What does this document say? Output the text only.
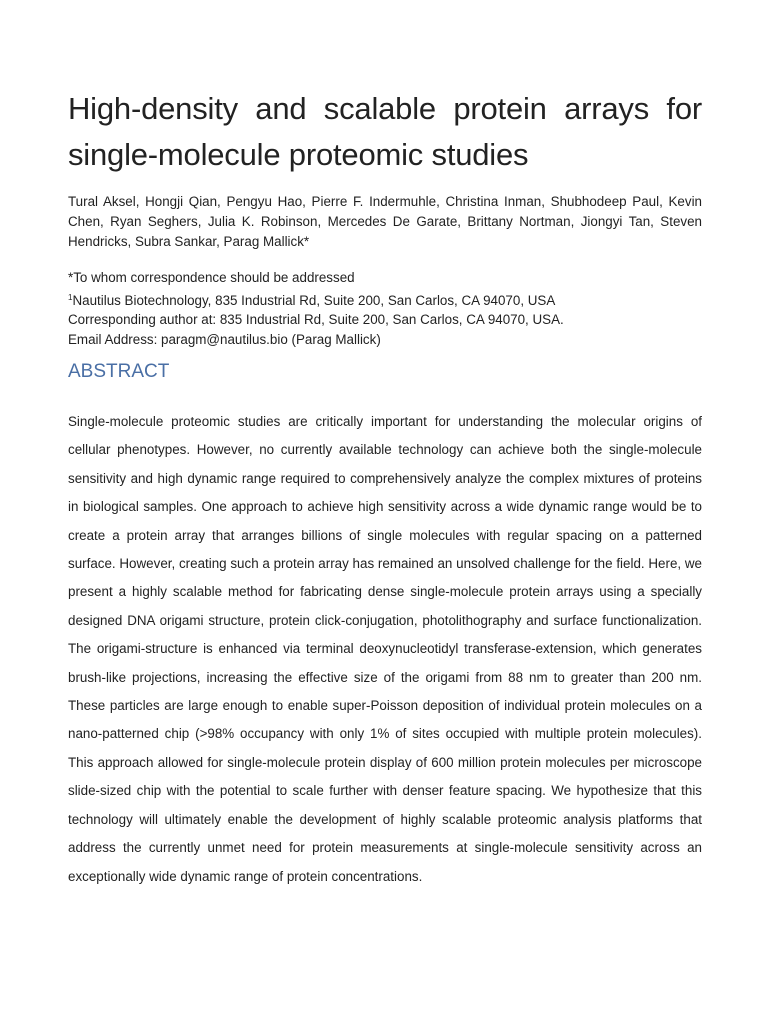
High-density and scalable protein arrays for single-molecule proteomic studies

Tural Aksel, Hongji Qian, Pengyu Hao, Pierre F. Indermuhle, Christina Inman, Shubhodeep Paul, Kevin Chen, Ryan Seghers, Julia K. Robinson, Mercedes De Garate, Brittany Nortman, Jiongyi Tan, Steven Hendricks, Subra Sankar, Parag Mallick*

*To whom correspondence should be addressed
$^1$Nautilus Biotechnology, 835 Industrial Rd, Suite 200, San Carlos, CA 94070, USA
Corresponding author at: 835 Industrial Rd, Suite 200, San Carlos, CA 94070, USA.
Email Address: paragm@nautilus.bio (Parag Mallick)
ABSTRACT

Single-molecule proteomic studies are critically important for understanding the molecular origins of cellular phenotypes. However, no currently available technology can achieve both the single-molecule sensitivity and high dynamic range required to comprehensively analyze the complex mixtures of proteins in biological samples. One approach to achieve high sensitivity across a wide dynamic range would be to create a protein array that arranges billions of single molecules with regular spacing on a patterned surface. However, creating such a protein array has remained an unsolved challenge for the field. Here, we present a highly scalable method for fabricating dense single-molecule protein arrays using a specially designed DNA origami structure, protein click-conjugation, photolithography and surface functionalization. The origami-structure is enhanced via terminal deoxynucleotidyl transferase-extension, which generates brush-like projections, increasing the effective size of the origami from 88 nm to greater than 200 nm. These particles are large enough to enable super-Poisson deposition of individual protein molecules on a nano-patterned chip (>98% occupancy with only 1% of sites occupied with multiple protein molecules). This approach allowed for single-molecule protein display of 600 million protein molecules per microscope slide-sized chip with the potential to scale further with denser feature spacing. We hypothesize that this technology will ultimately enable the development of highly scalable proteomic analysis platforms that address the currently unmet need for protein measurements at single-molecule sensitivity across an exceptionally wide dynamic range of protein concentrations.
